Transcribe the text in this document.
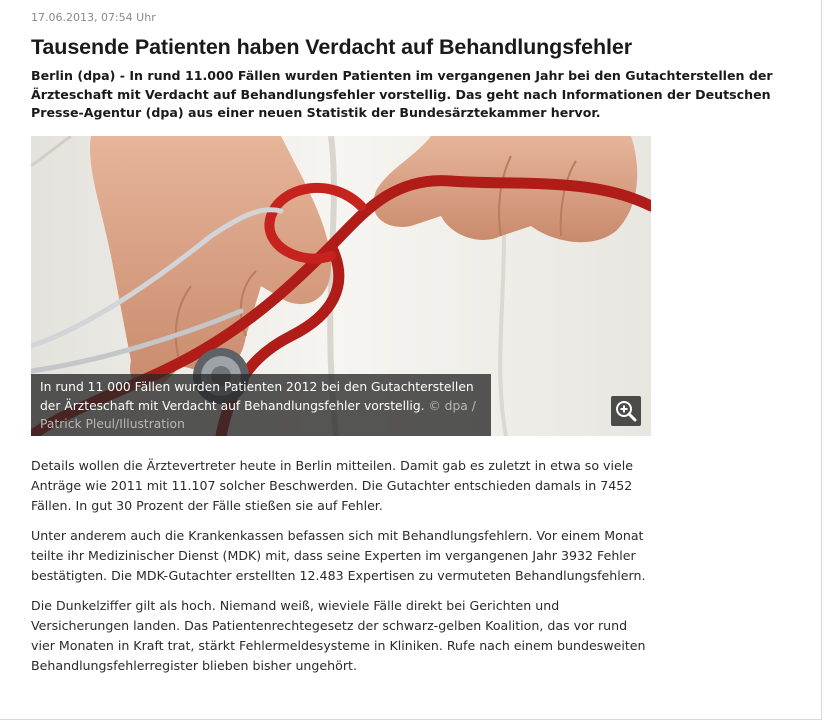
17.06.2013, 07:54 Uhr
Tausende Patienten haben Verdacht auf Behandlungsfehler

Berlin (dpa) - In rund 11.000 Fällen wurden Patienten im vergangenen Jahr bei den Gutachterstellen der Ärzteschaft mit Verdacht auf Behandlungsfehler vorstellig. Das geht nach Informationen der Deutschen Presse-Agentur (dpa) aus einer neuen Statistik der Bundesärztekammer hervor.

In rund 11 000 Fällen wurden Patienten 2012 bei den Gutachterstellen der Ärzteschaft mit Verdacht auf Behandlungsfehler vorstellig. © dpa / Patrick Pleul/Illustration

Details wollen die Ärztevertreter heute in Berlin mitteilen. Damit gab es zuletzt in etwa so viele Anträge wie 2011 mit 11.107 solcher Beschwerden. Die Gutachter entschieden damals in 7452 Fällen. In gut 30 Prozent der Fälle stießen sie auf Fehler.

Unter anderem auch die Krankenkassen befassen sich mit Behandlungsfehlern. Vor einem Monat teilte ihr Medizinischer Dienst (MDK) mit, dass seine Experten im vergangenen Jahr 3932 Fehler bestätigten. Die MDK-Gutachter erstellten 12.483 Expertisen zu vermuteten Behandlungsfehlern.

Die Dunkelziffer gilt als hoch. Niemand weiß, wieviele Fälle direkt bei Gerichten und Versicherungen landen. Das Patientenrechtegesetz der schwarz-gelben Koalition, das vor rund vier Monaten in Kraft trat, stärkt Fehlermeldesysteme in Kliniken. Rufe nach einem bundesweiten Behandlungsfehlerregister blieben bisher ungehört.
